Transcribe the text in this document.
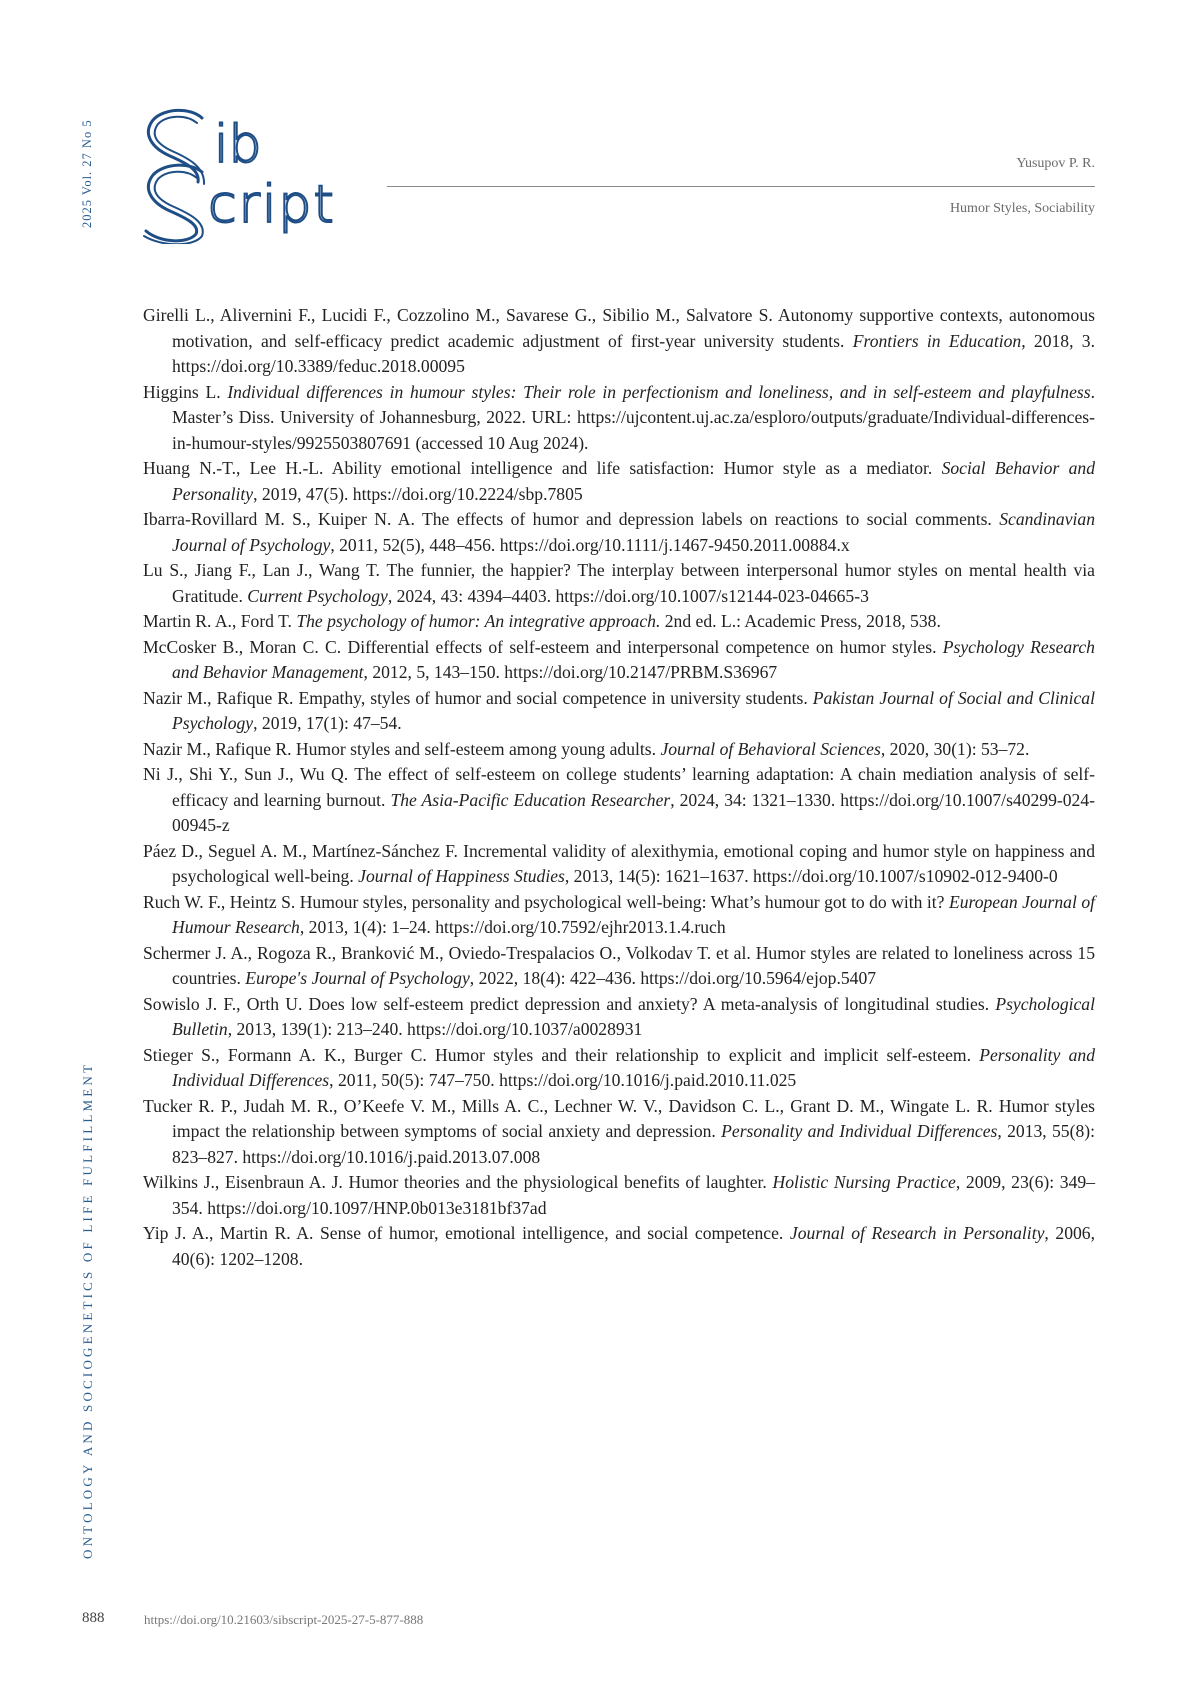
2025 Vol. 27 No 5
ONTOLOGY AND SOCIOGENETICS OF LIFE FULFILLMENT
ib
cript
Yusupov P. R.
Humor Styles, Sociability

Girelli L., Alivernini F., Lucidi F., Cozzolino M., Savarese G., Sibilio M., Salvatore S. Autonomy supportive contexts, autonomous motivation, and self-efficacy predict academic adjustment of first-year university students. Frontiers in Education, 2018, 3. https://doi.org/10.3389/feduc.2018.00095

Higgins L. Individual differences in humour styles: Their role in perfectionism and loneliness, and in self-esteem and playfulness. Master’s Diss. University of Johannesburg, 2022. URL: https://ujcontent.uj.ac.za/esploro/outputs/graduate/Individual-differences-in-humour-styles/9925503807691 (accessed 10 Aug 2024).

Huang N.-T., Lee H.-L. Ability emotional intelligence and life satisfaction: Humor style as a mediator. Social Behavior and Personality, 2019, 47(5). https://doi.org/10.2224/sbp.7805

Ibarra-Rovillard M. S., Kuiper N. A. The effects of humor and depression labels on reactions to social comments. Scandinavian Journal of Psychology, 2011, 52(5), 448–456. https://doi.org/10.1111/j.1467-9450.2011.00884.x

Lu S., Jiang F., Lan J., Wang T. The funnier, the happier? The interplay between interpersonal humor styles on mental health via Gratitude. Current Psychology, 2024, 43: 4394–4403. https://doi.org/10.1007/s12144-023-04665-3

Martin R. A., Ford T. The psychology of humor: An integrative approach. 2nd ed. L.: Academic Press, 2018, 538.

McCosker B., Moran C. C. Differential effects of self-esteem and interpersonal competence on humor styles. Psychology Research and Behavior Management, 2012, 5, 143–150. https://doi.org/10.2147/PRBM.S36967

Nazir M., Rafique R. Empathy, styles of humor and social competence in university students. Pakistan Journal of Social and Clinical Psychology, 2019, 17(1): 47–54.

Nazir M., Rafique R. Humor styles and self-esteem among young adults. Journal of Behavioral Sciences, 2020, 30(1): 53–72.

Ni J., Shi Y., Sun J., Wu Q. The effect of self-esteem on college students’ learning adaptation: A chain mediation analysis of self-efficacy and learning burnout. The Asia-Pacific Education Researcher, 2024, 34: 1321–1330. https://doi.org/10.1007/s40299-024-00945-z

Páez D., Seguel A. M., Martínez-Sánchez F. Incremental validity of alexithymia, emotional coping and humor style on happiness and psychological well-being. Journal of Happiness Studies, 2013, 14(5): 1621–1637. https://doi.org/10.1007/s10902-012-9400-0

Ruch W. F., Heintz S. Humour styles, personality and psychological well-being: What’s humour got to do with it? European Journal of Humour Research, 2013, 1(4): 1–24. https://doi.org/10.7592/ejhr2013.1.4.ruch

Schermer J. A., Rogoza R., Branković M., Oviedo-Trespalacios O., Volkodav T. et al. Humor styles are related to loneliness across 15 countries. Europe's Journal of Psychology, 2022, 18(4): 422–436. https://doi.org/10.5964/ejop.5407

Sowislo J. F., Orth U. Does low self-esteem predict depression and anxiety? A meta-analysis of longitudinal studies. Psychological Bulletin, 2013, 139(1): 213–240. https://doi.org/10.1037/a0028931

Stieger S., Formann A. K., Burger C. Humor styles and their relationship to explicit and implicit self-esteem. Personality and Individual Differences, 2011, 50(5): 747–750. https://doi.org/10.1016/j.paid.2010.11.025

Tucker R. P., Judah M. R., O’Keefe V. M., Mills A. C., Lechner W. V., Davidson C. L., Grant D. M., Wingate L. R. Humor styles impact the relationship between symptoms of social anxiety and depression. Personality and Individual Differences, 2013, 55(8): 823–827. https://doi.org/10.1016/j.paid.2013.07.008

Wilkins J., Eisenbraun A. J. Humor theories and the physiological benefits of laughter. Holistic Nursing Practice, 2009, 23(6): 349–354. https://doi.org/10.1097/HNP.0b013e3181bf37ad

Yip J. A., Martin R. A. Sense of humor, emotional intelligence, and social competence. Journal of Research in Personality, 2006, 40(6): 1202–1208.

888	https://doi.org/10.21603/sibscript-2025-27-5-877-888
